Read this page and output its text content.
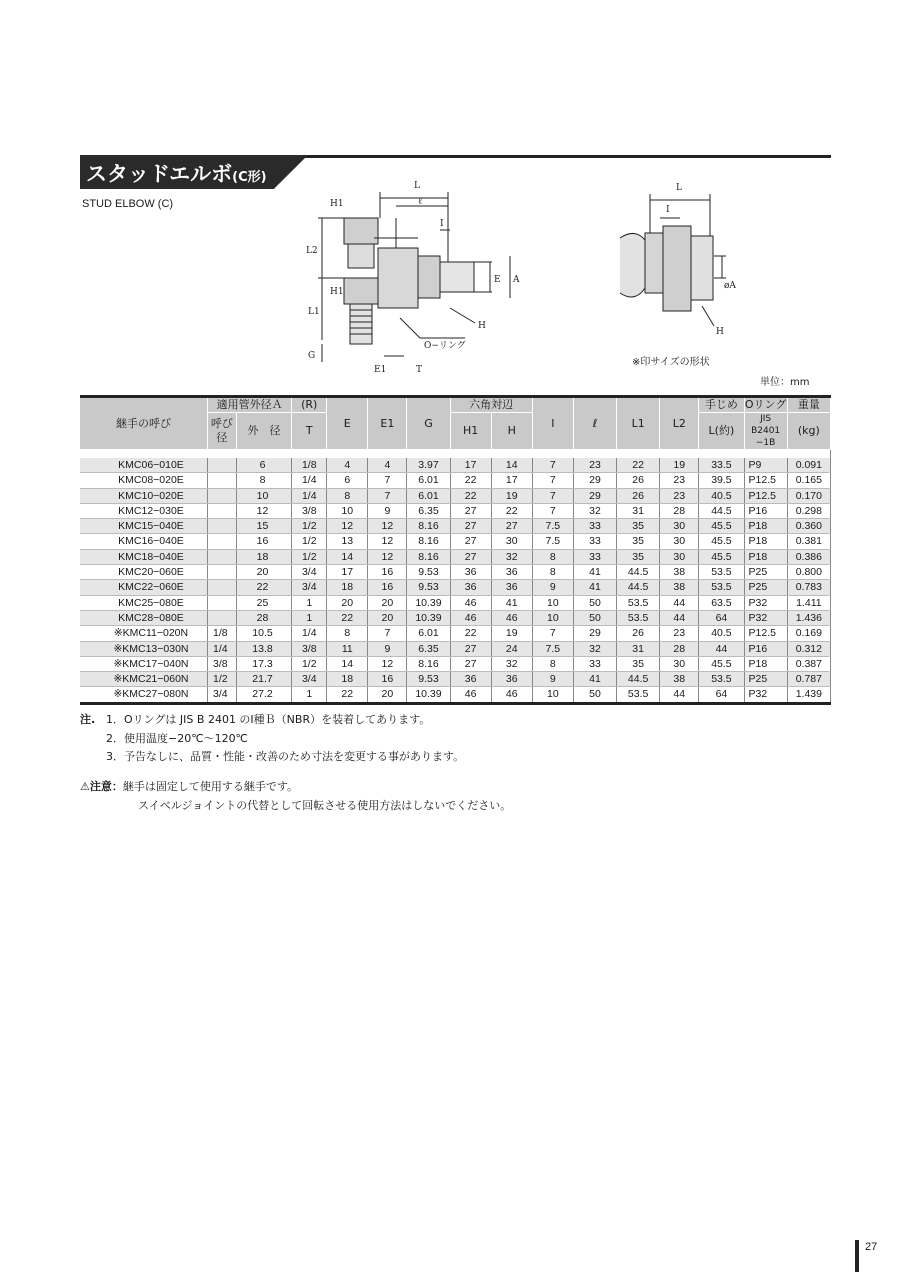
スタッドエルボ(C形)
STUD ELBOW (C)
L
ℓ
H1
L2
I
E A
H1
L1
H
O−リング
G
E1	T
L
I
øA
H
※印サイズの形状
単位：mm
継手の呼び	適用管外径Ａ		(R)	E	E1	G	六角対辺		I	ℓ	L1	L2	手じめ	Oリング	重量
	呼び径	外　径	T				H1	H					L(約)	JIS B2401
−1B	(kg)

KMC06−010E		6	1/8	4	4	3.97	17	14	7	23	22	19	33.5	P9	0.091
KMC08−020E		8	1/4	6	7	6.01	22	17	7	29	26	23	39.5	P12.5	0.165
KMC10−020E		10	1/4	8	7	6.01	22	19	7	29	26	23	40.5	P12.5	0.170
KMC12−030E		12	3/8	10	9	6.35	27	22	7	32	31	28	44.5	P16	0.298
KMC15−040E		15	1/2	12	12	8.16	27	27	7.5	33	35	30	45.5	P18	0.360
KMC16−040E		16	1/2	13	12	8.16	27	30	7.5	33	35	30	45.5	P18	0.381
KMC18−040E		18	1/2	14	12	8.16	27	32	8	33	35	30	45.5	P18	0.386
KMC20−060E		20	3/4	17	16	9.53	36	36	8	41	44.5	38	53.5	P25	0.800
KMC22−060E		22	3/4	18	16	9.53	36	36	9	41	44.5	38	53.5	P25	0.783
KMC25−080E		25	1	20	20	10.39	46	41	10	50	53.5	44	63.5	P32	1.411
KMC28−080E		28	1	22	20	10.39	46	46	10	50	53.5	44	64	P32	1.436
※KMC11−020N	1/8	10.5	1/4	8	7	6.01	22	19	7	29	26	23	40.5	P12.5	0.169
※KMC13−030N	1/4	13.8	3/8	11	9	6.35	27	24	7.5	32	31	28	44	P16	0.312
※KMC17−040N	3/8	17.3	1/2	14	12	8.16	27	32	8	33	35	30	45.5	P18	0.387
※KMC21−060N	1/2	21.7	3/4	18	16	9.53	36	36	9	41	44.5	38	53.5	P25	0.787
※KMC27−080N	3/4	27.2	1	22	20	10.39	46	46	10	50	53.5	44	64	P32	1.439
注. 1．Oリングは JIS B 2401 のⅠ種Ｂ（NBR）を装着してあります。
2．使用温度−20℃〜120℃
3．予告なしに、品質・性能・改善のため寸法を変更する事があります。
⚠注意：継手は固定して使用する継手です。
スイベルジョイントの代替として回転させる使用方法はしないでください。
27
